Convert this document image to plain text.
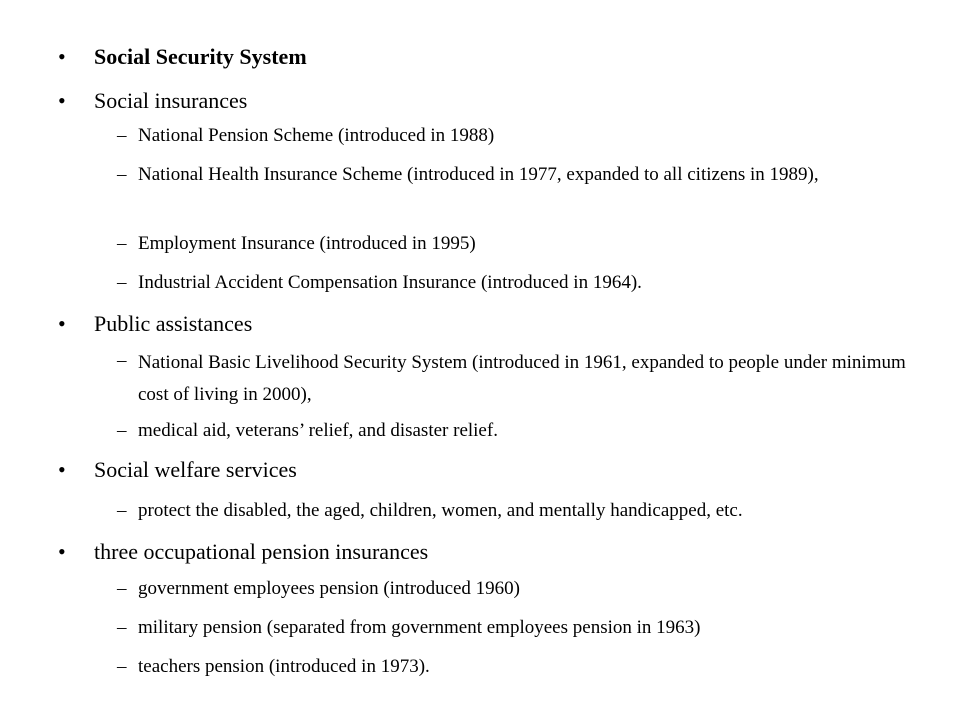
• Social Security System
• Social insurances
– National Pension Scheme (introduced in 1988)
– National Health Insurance Scheme (introduced in 1977, expanded to all citizens in 1989),
– Employment Insurance (introduced in 1995)
– Industrial Accident Compensation Insurance (introduced in 1964).
• Public assistances
– National Basic Livelihood Security System (introduced in 1961, expanded to people under minimum cost of living in 2000),
– medical aid, veterans’ relief, and disaster relief.
• Social welfare services
– protect the disabled, the aged, children, women, and mentally handicapped, etc.
• three occupational pension insurances
– government employees pension (introduced 1960)
– military pension (separated from government employees pension in 1963)
– teachers pension (introduced in 1973).
